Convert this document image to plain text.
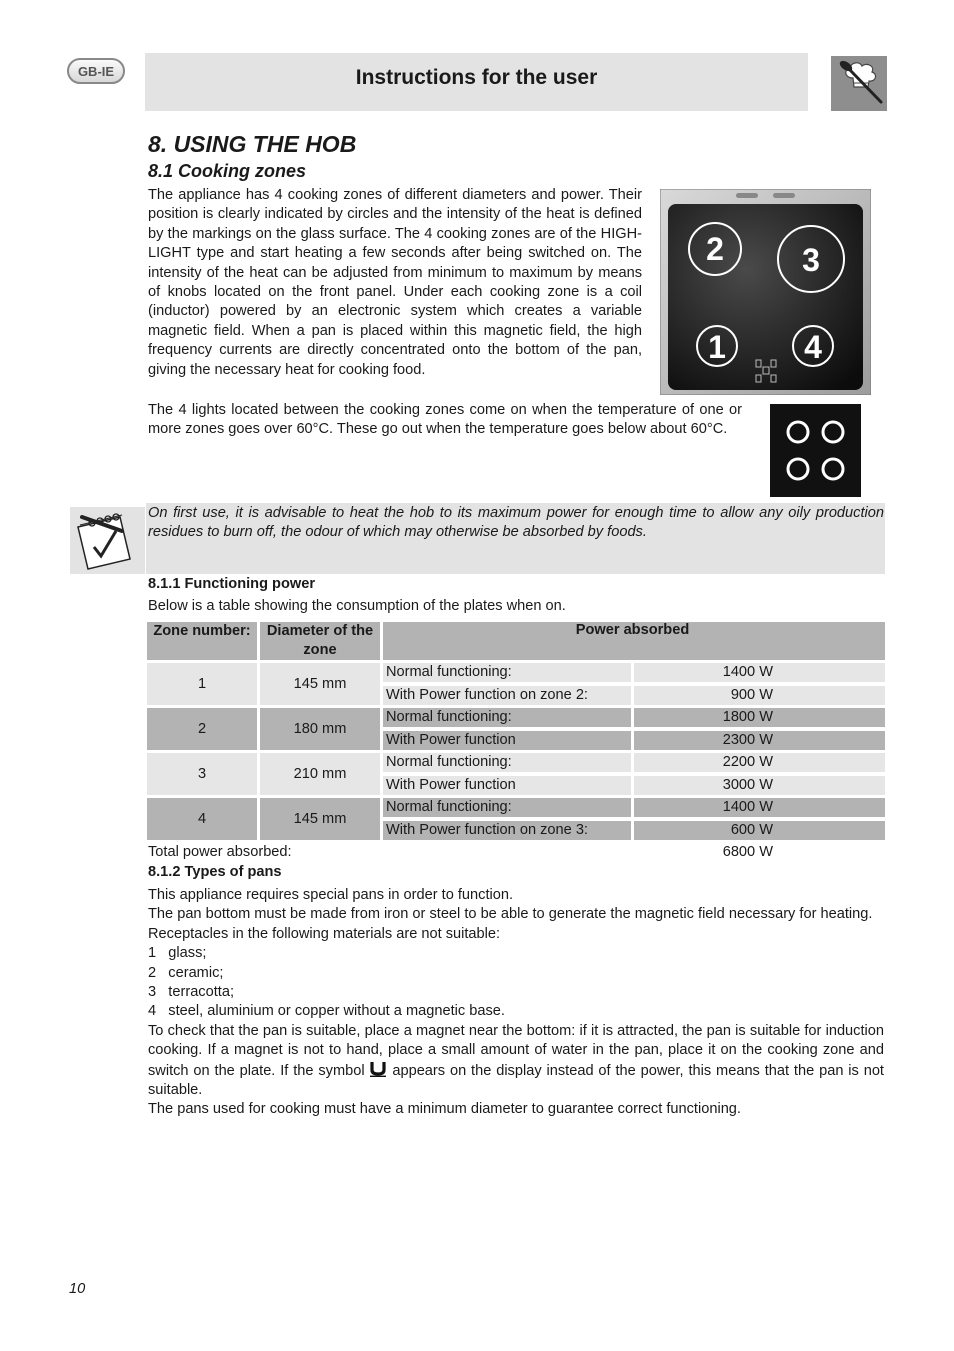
GB-IE	Instructions for the user
8. USING THE HOB
8.1 Cooking zones

The appliance has 4 cooking zones of different diameters and power. Their position is clearly indicated by circles and the intensity of the heat is defined by the markings on the glass surface. The 4 cooking zones are of the HIGH-LIGHT type and start heating a few seconds after being switched on. The intensity of the heat can be adjusted from minimum to maximum by means of knobs located on the front panel. Under each cooking zone is a coil (inductor) powered by an electronic system which creates a variable magnetic field. When a pan is placed within this magnetic field, the high frequency currents are directly concentrated onto the bottom of the pan, giving the necessary heat for cooking food.

2 3
1 4

The 4 lights located between the cooking zones come on when the temperature of one or more zones goes over 60°C. These go out when the temperature goes below about 60°C.

On first use, it is advisable to heat the hob to its maximum power for enough time to allow any oily production residues to burn off, the odour of which may otherwise be absorbed by foods.

8.1.1 Functioning power
Below is a table showing the consumption of the plates when on.
Zone number:	Diameter of the zone
Power absorbed
1	145 mm
Normal functioning:	1400 W
With Power function on zone 2:	900 W
2	180 mm
Normal functioning:	1800 W
With Power function	2300 W
3	210 mm
Normal functioning:	2200 W
With Power function	3000 W
4	145 mm
Normal functioning:	1400 W
With Power function on zone 3:	600 W
Total power absorbed:	6800 W
8.1.2 Types of pans

This appliance requires special pans in order to function.

The pan bottom must be made from iron or steel to be able to generate the magnetic field necessary for heating.

Receptacles in the following materials are not suitable:

1 glass;
2 ceramic;
3 terracotta;
4 steel, aluminium or copper without a magnetic base.

To check that the pan is suitable, place a magnet near the bottom: if it is attracted, the pan is suitable for induction cooking. If a magnet is not to hand, place a small amount of water in the pan, place it on the cooking zone and switch on the plate. If the symbol appears on the display instead of the power, this means that the pan is not suitable.

The pans used for cooking must have a minimum diameter to guarantee correct functioning.

10
